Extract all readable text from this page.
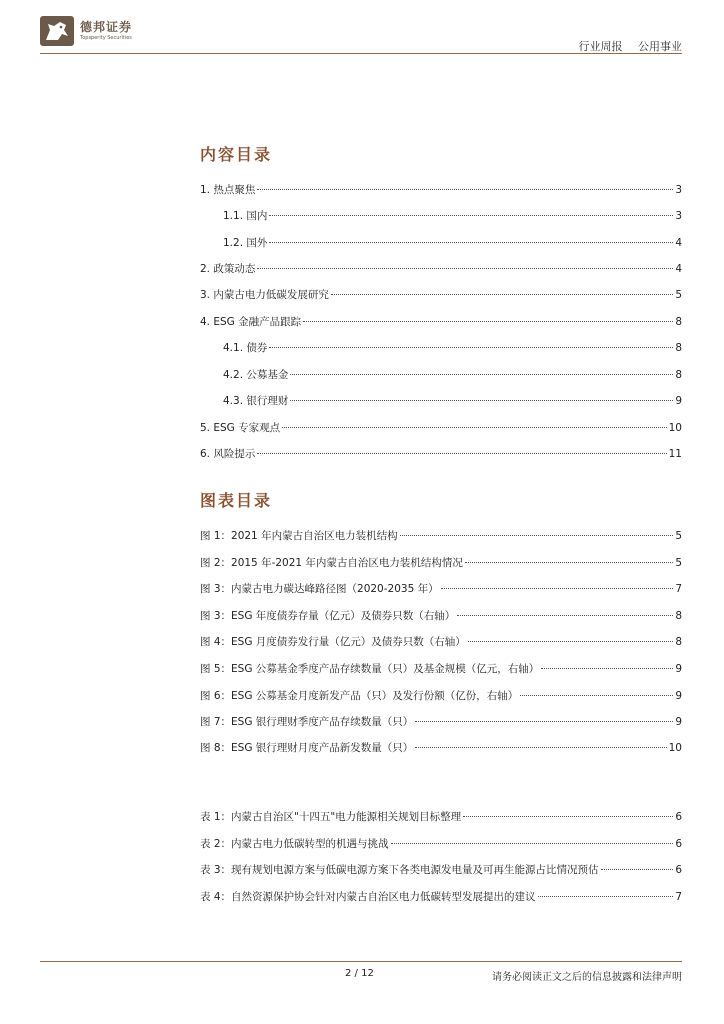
德邦证券
Topsperity Securities
行业周报 公用事业
内容目录
1. 热点聚焦	3
1.1. 国内	3
1.2. 国外	4
2. 政策动态	4
3. 内蒙古电力低碳发展研究	5
4. ESG 金融产品跟踪	8
4.1. 债券	8
4.2. 公募基金	8
4.3. 银行理财	9
5. ESG 专家观点	10
6. 风险提示	11
图表目录
图 1：2021 年内蒙古自治区电力装机结构	5
图 2：2015 年-2021 年内蒙古自治区电力装机结构情况	5
图 3：内蒙古电力碳达峰路径图（2020-2035 年）	7
图 3：ESG 年度债券存量（亿元）及债券只数（右轴）	8
图 4：ESG 月度债券发行量（亿元）及债券只数（右轴）	8
图 5：ESG 公募基金季度产品存续数量（只）及基金规模（亿元，右轴）	9
图 6：ESG 公募基金月度新发产品（只）及发行份额（亿份，右轴）	9
图 7：ESG 银行理财季度产品存续数量（只）	9
图 8：ESG 银行理财月度产品新发数量（只）	10
表 1：内蒙古自治区"十四五"电力能源相关规划目标整理	6
表 2：内蒙古电力低碳转型的机遇与挑战	6
表 3：现有规划电源方案与低碳电源方案下各类电源发电量及可再生能源占比情况预估	6
表 4：自然资源保护协会针对内蒙古自治区电力低碳转型发展提出的建议	7
2 / 12	请务必阅读正文之后的信息披露和法律声明
